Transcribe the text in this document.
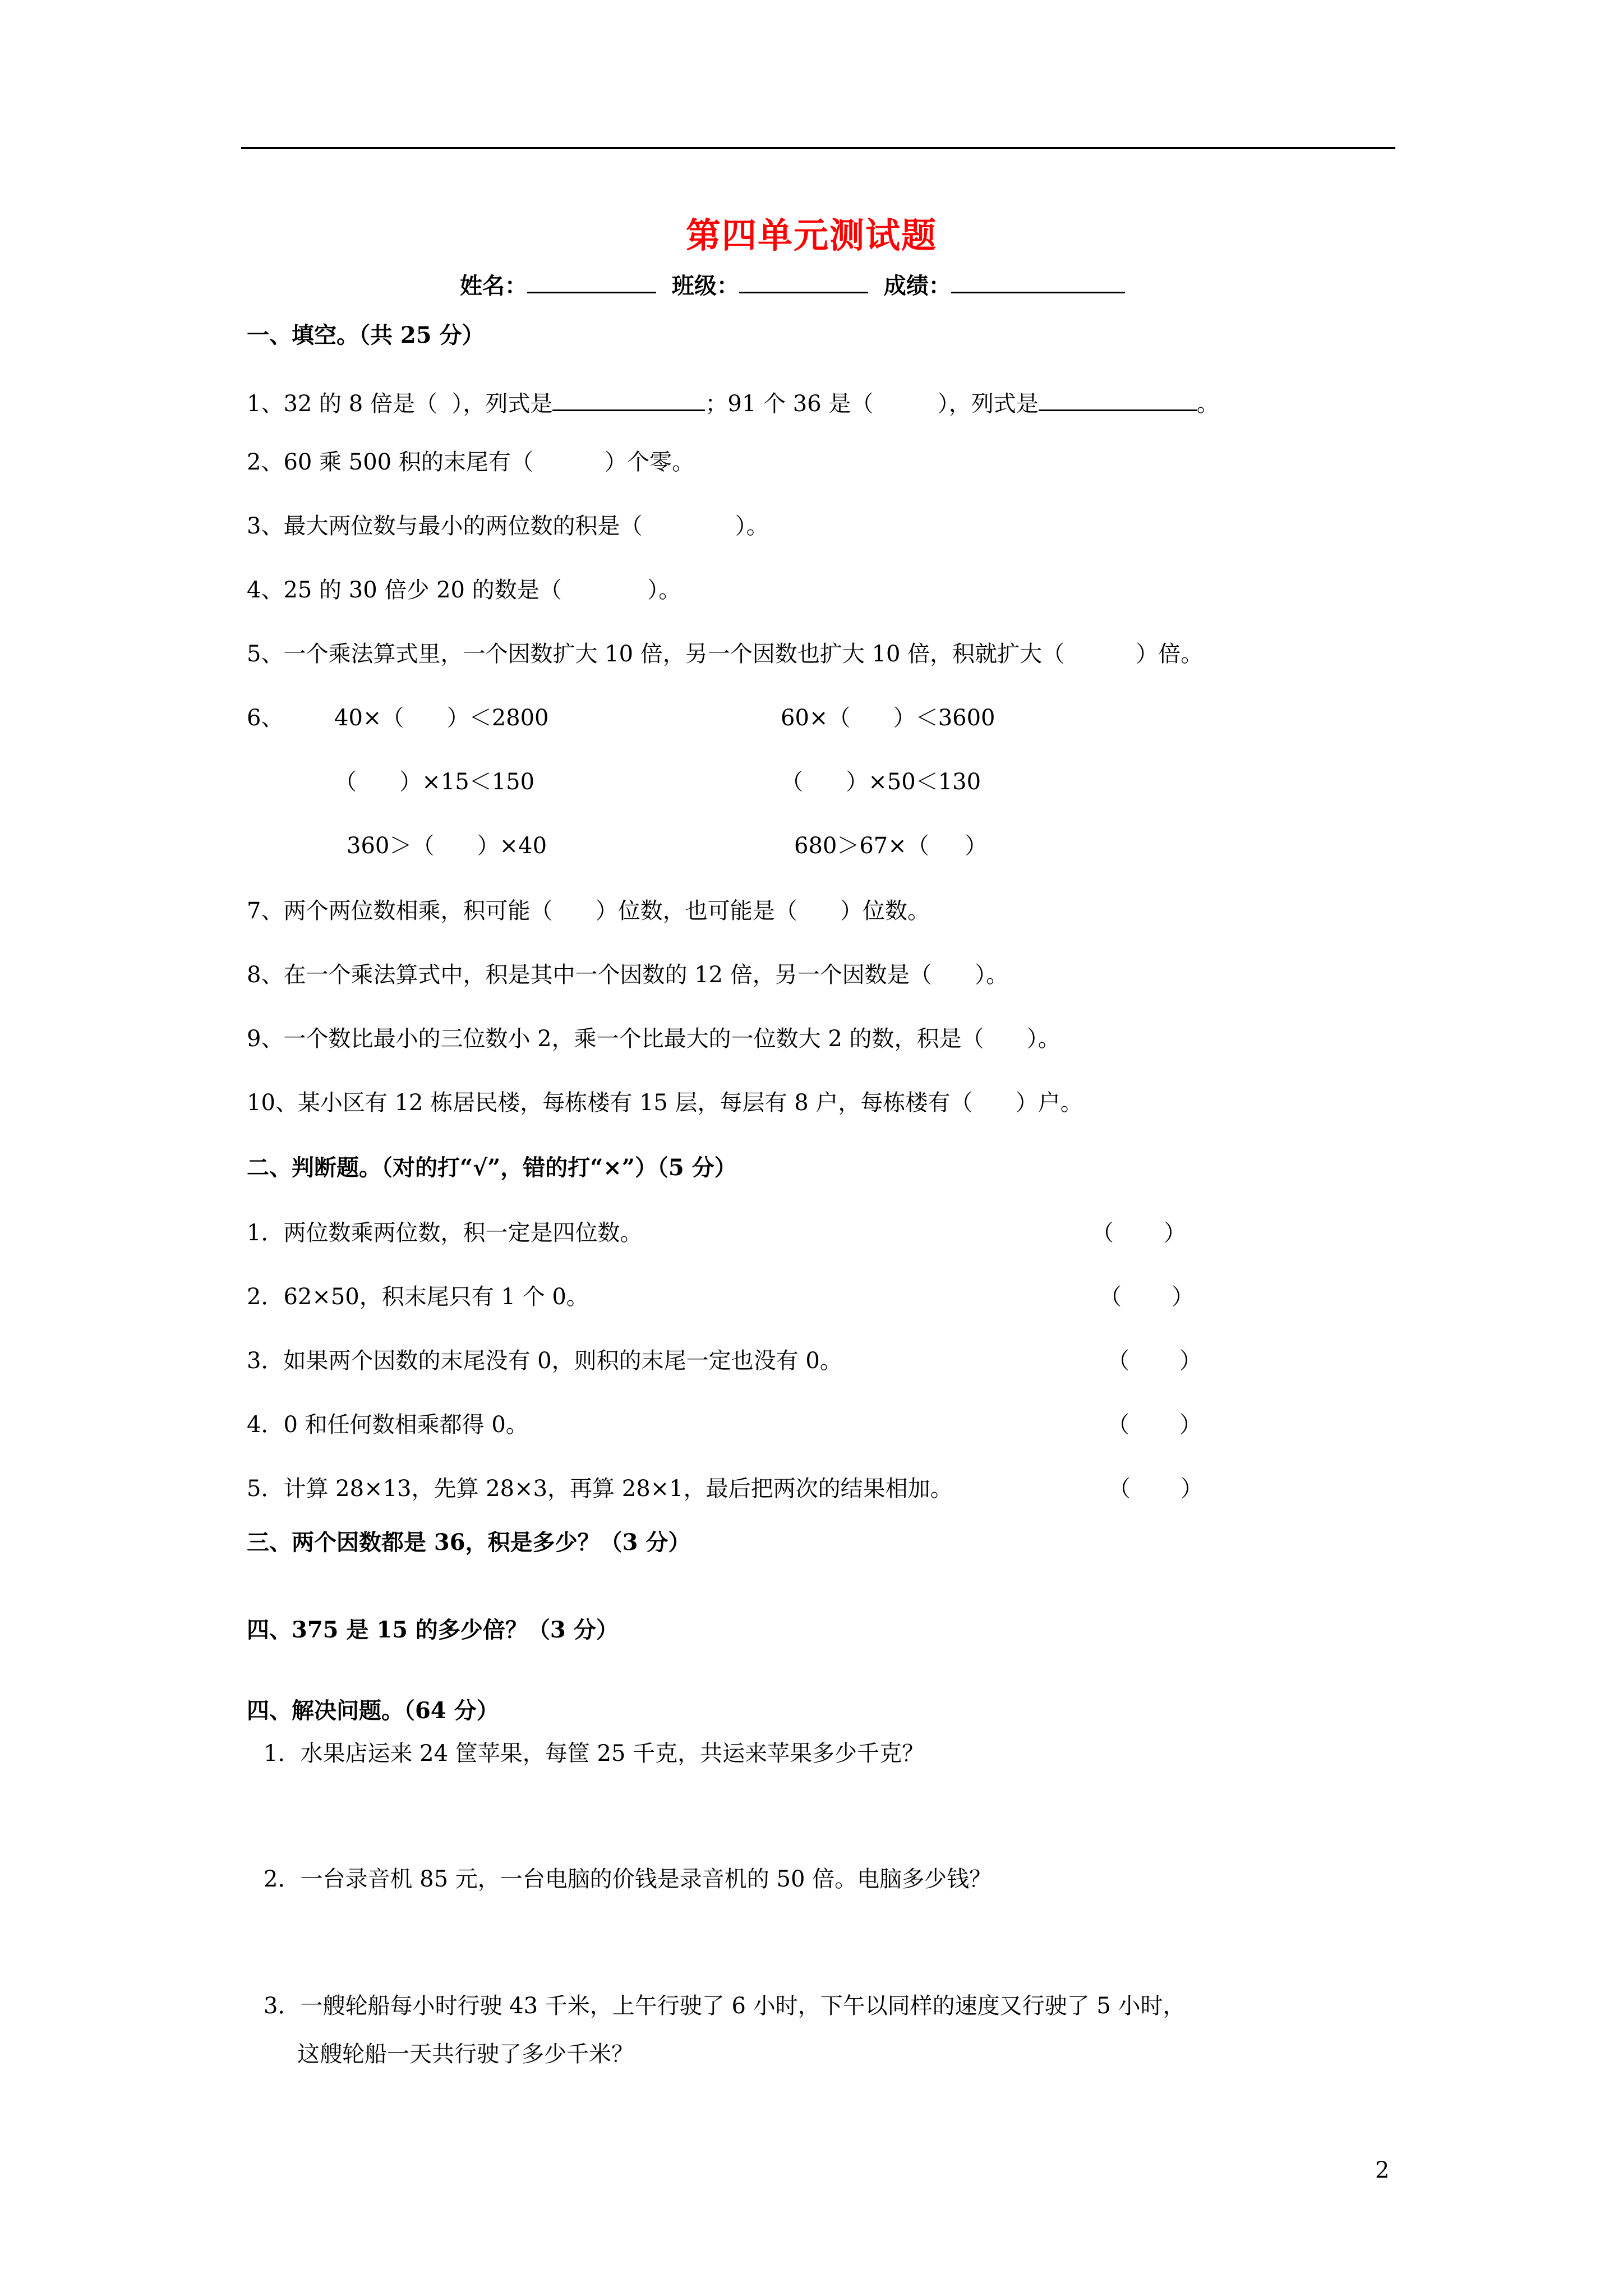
第四单元测试题
姓名：	班级：	成绩：
一、填空。（共 25 分）
1、32 的 8 倍是（  ），列式是	；91 个 36 是（         ），列式是	。
2、60 乘 500 积的末尾有（          ）个零。
3、最大两位数与最小的两位数的积是（             ）。
4、25 的 30 倍少 20 的数是（            ）。
5、一个乘法算式里，一个因数扩大 10 倍，另一个因数也扩大 10 倍，积就扩大（          ）倍。
6、 40×（      ）＜2800	60×（      ）＜3600
（      ）×15＜150	（      ）×50＜130
360＞（      ）×40	680＞67×（     ）
7、两个两位数相乘，积可能（      ）位数，也可能是（      ）位数。
8、在一个乘法算式中，积是其中一个因数的 12 倍，另一个因数是（      ）。
9、一个数比最小的三位数小 2，乘一个比最大的一位数大 2 的数，积是（      ）。
10、某小区有 12 栋居民楼，每栋楼有 15 层，每层有 8 户，每栋楼有（      ）户。
二、判断题。（对的打“√”，错的打“×”）（5 分）
1．两位数乘两位数，积一定是四位数。	（       ）
2．62×50，积末尾只有 1 个 0。	（       ）
3．如果两个因数的末尾没有 0，则积的末尾一定也没有 0。	（       ）
4．0 和任何数相乘都得 0。	（       ）
5．计算 28×13，先算 28×3，再算 28×1，最后把两次的结果相加。	（       ）
三、两个因数都是 36，积是多少？（3 分）
四、375 是 15 的多少倍？（3 分）
四、解决问题。（64 分）
1．水果店运来 24 筐苹果，每筐 25 千克，共运来苹果多少千克？
2．一台录音机 85 元，一台电脑的价钱是录音机的 50 倍。电脑多少钱？
3．一艘轮船每小时行驶 43 千米，上午行驶了 6 小时，下午以同样的速度又行驶了 5 小时，
这艘轮船一天共行驶了多少千米？
2
